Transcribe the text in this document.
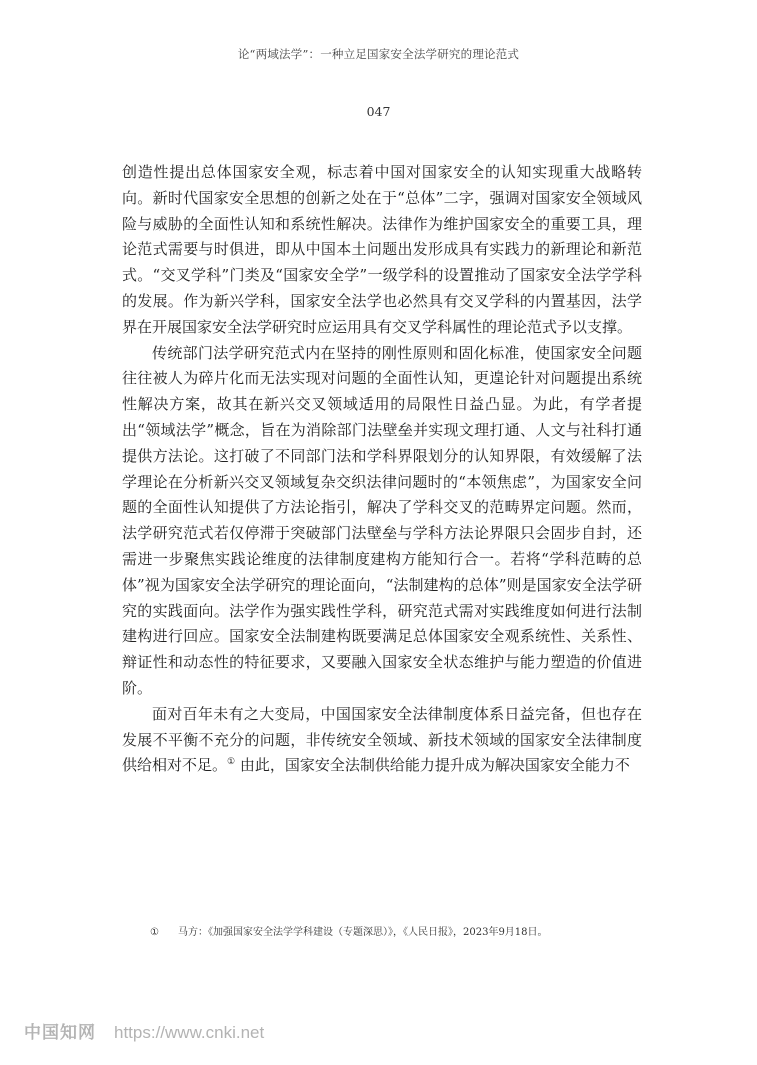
论“两域法学”：一种立足国家安全法学研究的理论范式
047

创造性提出总体国家安全观，标志着中国对国家安全的认知实现重大战略转向。新时代国家安全思想的创新之处在于“总体”二字，强调对国家安全领域风险与威胁的全面性认知和系统性解决。法律作为维护国家安全的重要工具，理论范式需要与时俱进，即从中国本土问题出发形成具有实践力的新理论和新范式。“交叉学科”门类及“国家安全学”一级学科的设置推动了国家安全法学学科的发展。作为新兴学科，国家安全法学也必然具有交叉学科的内置基因，法学界在开展国家安全法学研究时应运用具有交叉学科属性的理论范式予以支撑。

传统部门法学研究范式内在坚持的刚性原则和固化标准，使国家安全问题往往被人为碎片化而无法实现对问题的全面性认知，更遑论针对问题提出系统性解决方案，故其在新兴交叉领域适用的局限性日益凸显。为此，有学者提出“领域法学”概念，旨在为消除部门法壁垒并实现文理打通、人文与社科打通提供方法论。这打破了不同部门法和学科界限划分的认知界限，有效缓解了法学理论在分析新兴交叉领域复杂交织法律问题时的“本领焦虑”，为国家安全问题的全面性认知提供了方法论指引，解决了学科交叉的范畴界定问题。然而，法学研究范式若仅停滞于突破部门法壁垒与学科方法论界限只会固步自封，还需进一步聚焦实践论维度的法律制度建构方能知行合一。若将“学科范畴的总体”视为国家安全法学研究的理论面向，“法制建构的总体”则是国家安全法学研究的实践面向。法学作为强实践性学科，研究范式需对实践维度如何进行法制建构进行回应。国家安全法制建构既要满足总体国家安全观系统性、关系性、辩证性和动态性的特征要求，又要融入国家安全状态维护与能力塑造的价值进阶。

面对百年未有之大变局，中国国家安全法律制度体系日益完备，但也存在发展不平衡不充分的问题，非传统安全领域、新技术领域的国家安全法律制度供给相对不足。① 由此，国家安全法制供给能力提升成为解决国家安全能力不

① 马方：《加强国家安全法学学科建设（专题深思）》，《人民日报》，2023年9月18日。
中国知网 https://www.cnki.net
